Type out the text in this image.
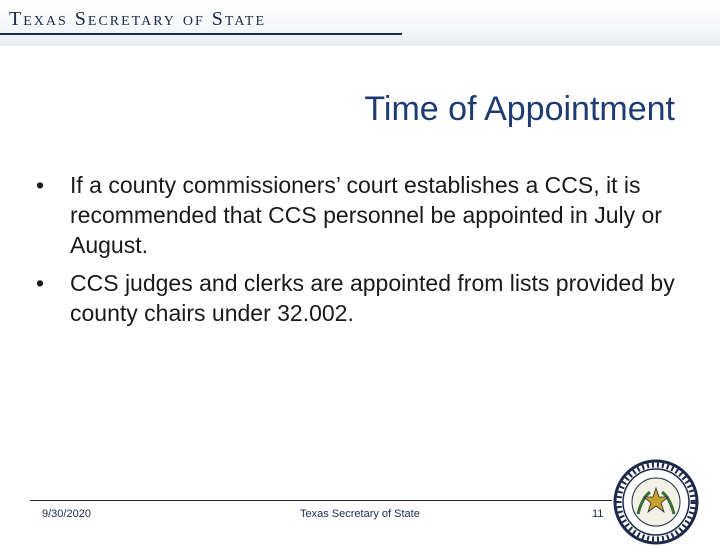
Texas Secretary of State
Time of Appointment
• If a county commissioners’ court establishes a CCS, it is recommended that CCS personnel be appointed in July or August.
• CCS judges and clerks are appointed from lists provided by county chairs under 32.002.
9/30/2020	Texas Secretary of State	11
